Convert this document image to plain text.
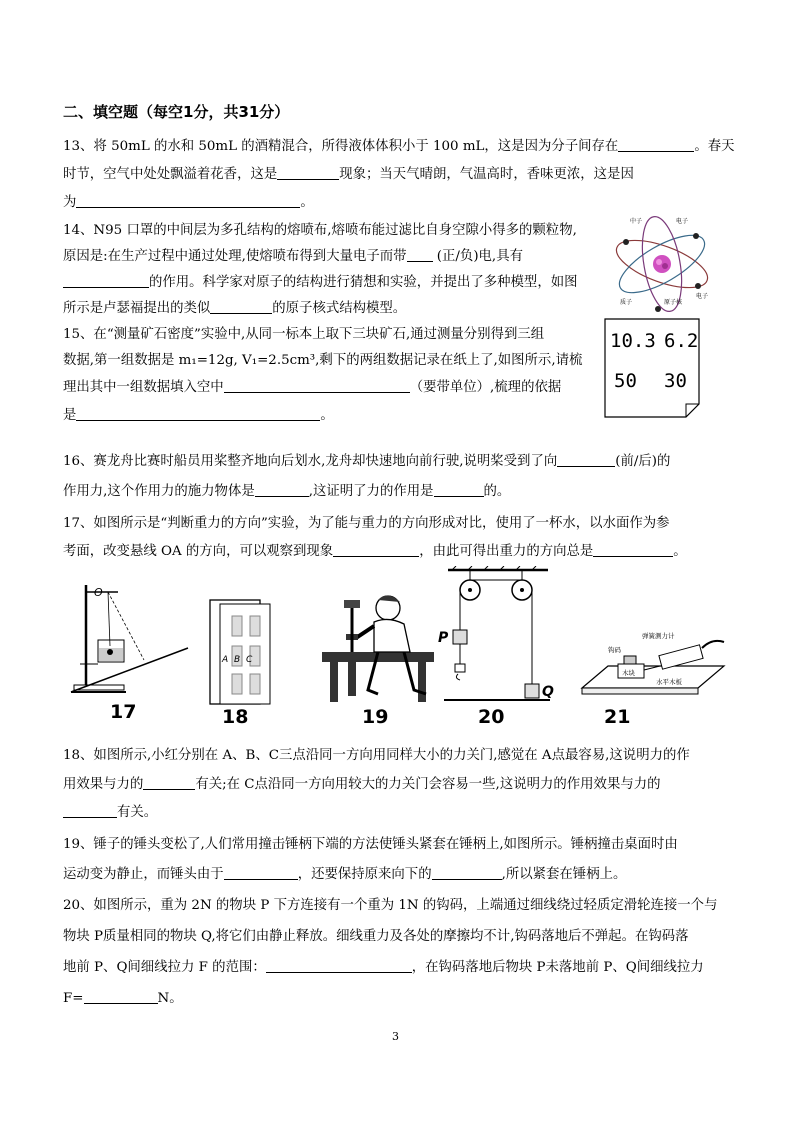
二、填空题（每空1分，共31分）
13、将 50mL 的水和 50mL 的酒精混合，所得液体体积小于 100 mL，这是因为分子间存在	。春天
时节，空气中处处飘溢着花香，这是	现象；当天气晴朗，气温高时，香味更浓，这是因
为	。
14、N95 口罩的中间层为多孔结构的熔喷布,熔喷布能过滤比自身空隙小得多的颗粒物,
原因是:在生产过程中通过处理,使熔喷布得到大量电子而带 (正/负)电,具有
的作用。科学家对原子的结构进行猜想和实验，并提出了多种模型，如图
所示是卢瑟福提出的类似	的原子核式结构模型。
中子	电子
质子	原子核
电子
15、在“测量矿石密度”实验中,从同一标本上取下三块矿石,通过测量分别得到三组
数据,第一组数据是 m₁=12g, V₁=2.5cm³,剩下的两组数据记录在纸上了,如图所示,请梳
理出其中一组数据填入空中	（要带单位）,梳理的依据
是	。
10.3 6.2
50 30
16、赛龙舟比赛时船员用桨整齐地向后划水,龙舟却快速地向前行驶,说明桨受到了向	(前/后)的
作用力,这个作用力的施力物体是	,这证明了力的作用是	的。
17、如图所示是“判断重力的方向”实验，为了能与重力的方向形成对比，使用了一杯水，以水面作为参
考面，改变悬线 OA 的方向，可以观察到现象	，由此可得出重力的方向总是	。
O
17
A B C
18	19
P
Q
20
弹簧测力计
钩码
木块
水平木板
21
18、如图所示,小红分别在 A、B、C三点沿同一方向用同样大小的力关门,感觉在 A点最容易,这说明力的作
用效果与力的	有关;在 C点沿同一方向用较大的力关门会容易一些,这说明力的作用效果与力的
有关。
19、锤子的锤头变松了,人们常用撞击锤柄下端的方法使锤头紧套在锤柄上,如图所示。锤柄撞击桌面时由
运动变为静止，而锤头由于	，还要保持原来向下的	,所以紧套在锤柄上。
20、如图所示，重为 2N 的物块 P 下方连接有一个重为 1N 的钩码，上端通过细线绕过轻质定滑轮连接一个与
物块 P质量相同的物块 Q,将它们由静止释放。细线重力及各处的摩擦均不计,钩码落地后不弹起。在钩码落
地前 P、Q间细线拉力 F 的范围：	，在钩码落地后物块 P未落地前 P、Q间细线拉力
F=	N。
3
